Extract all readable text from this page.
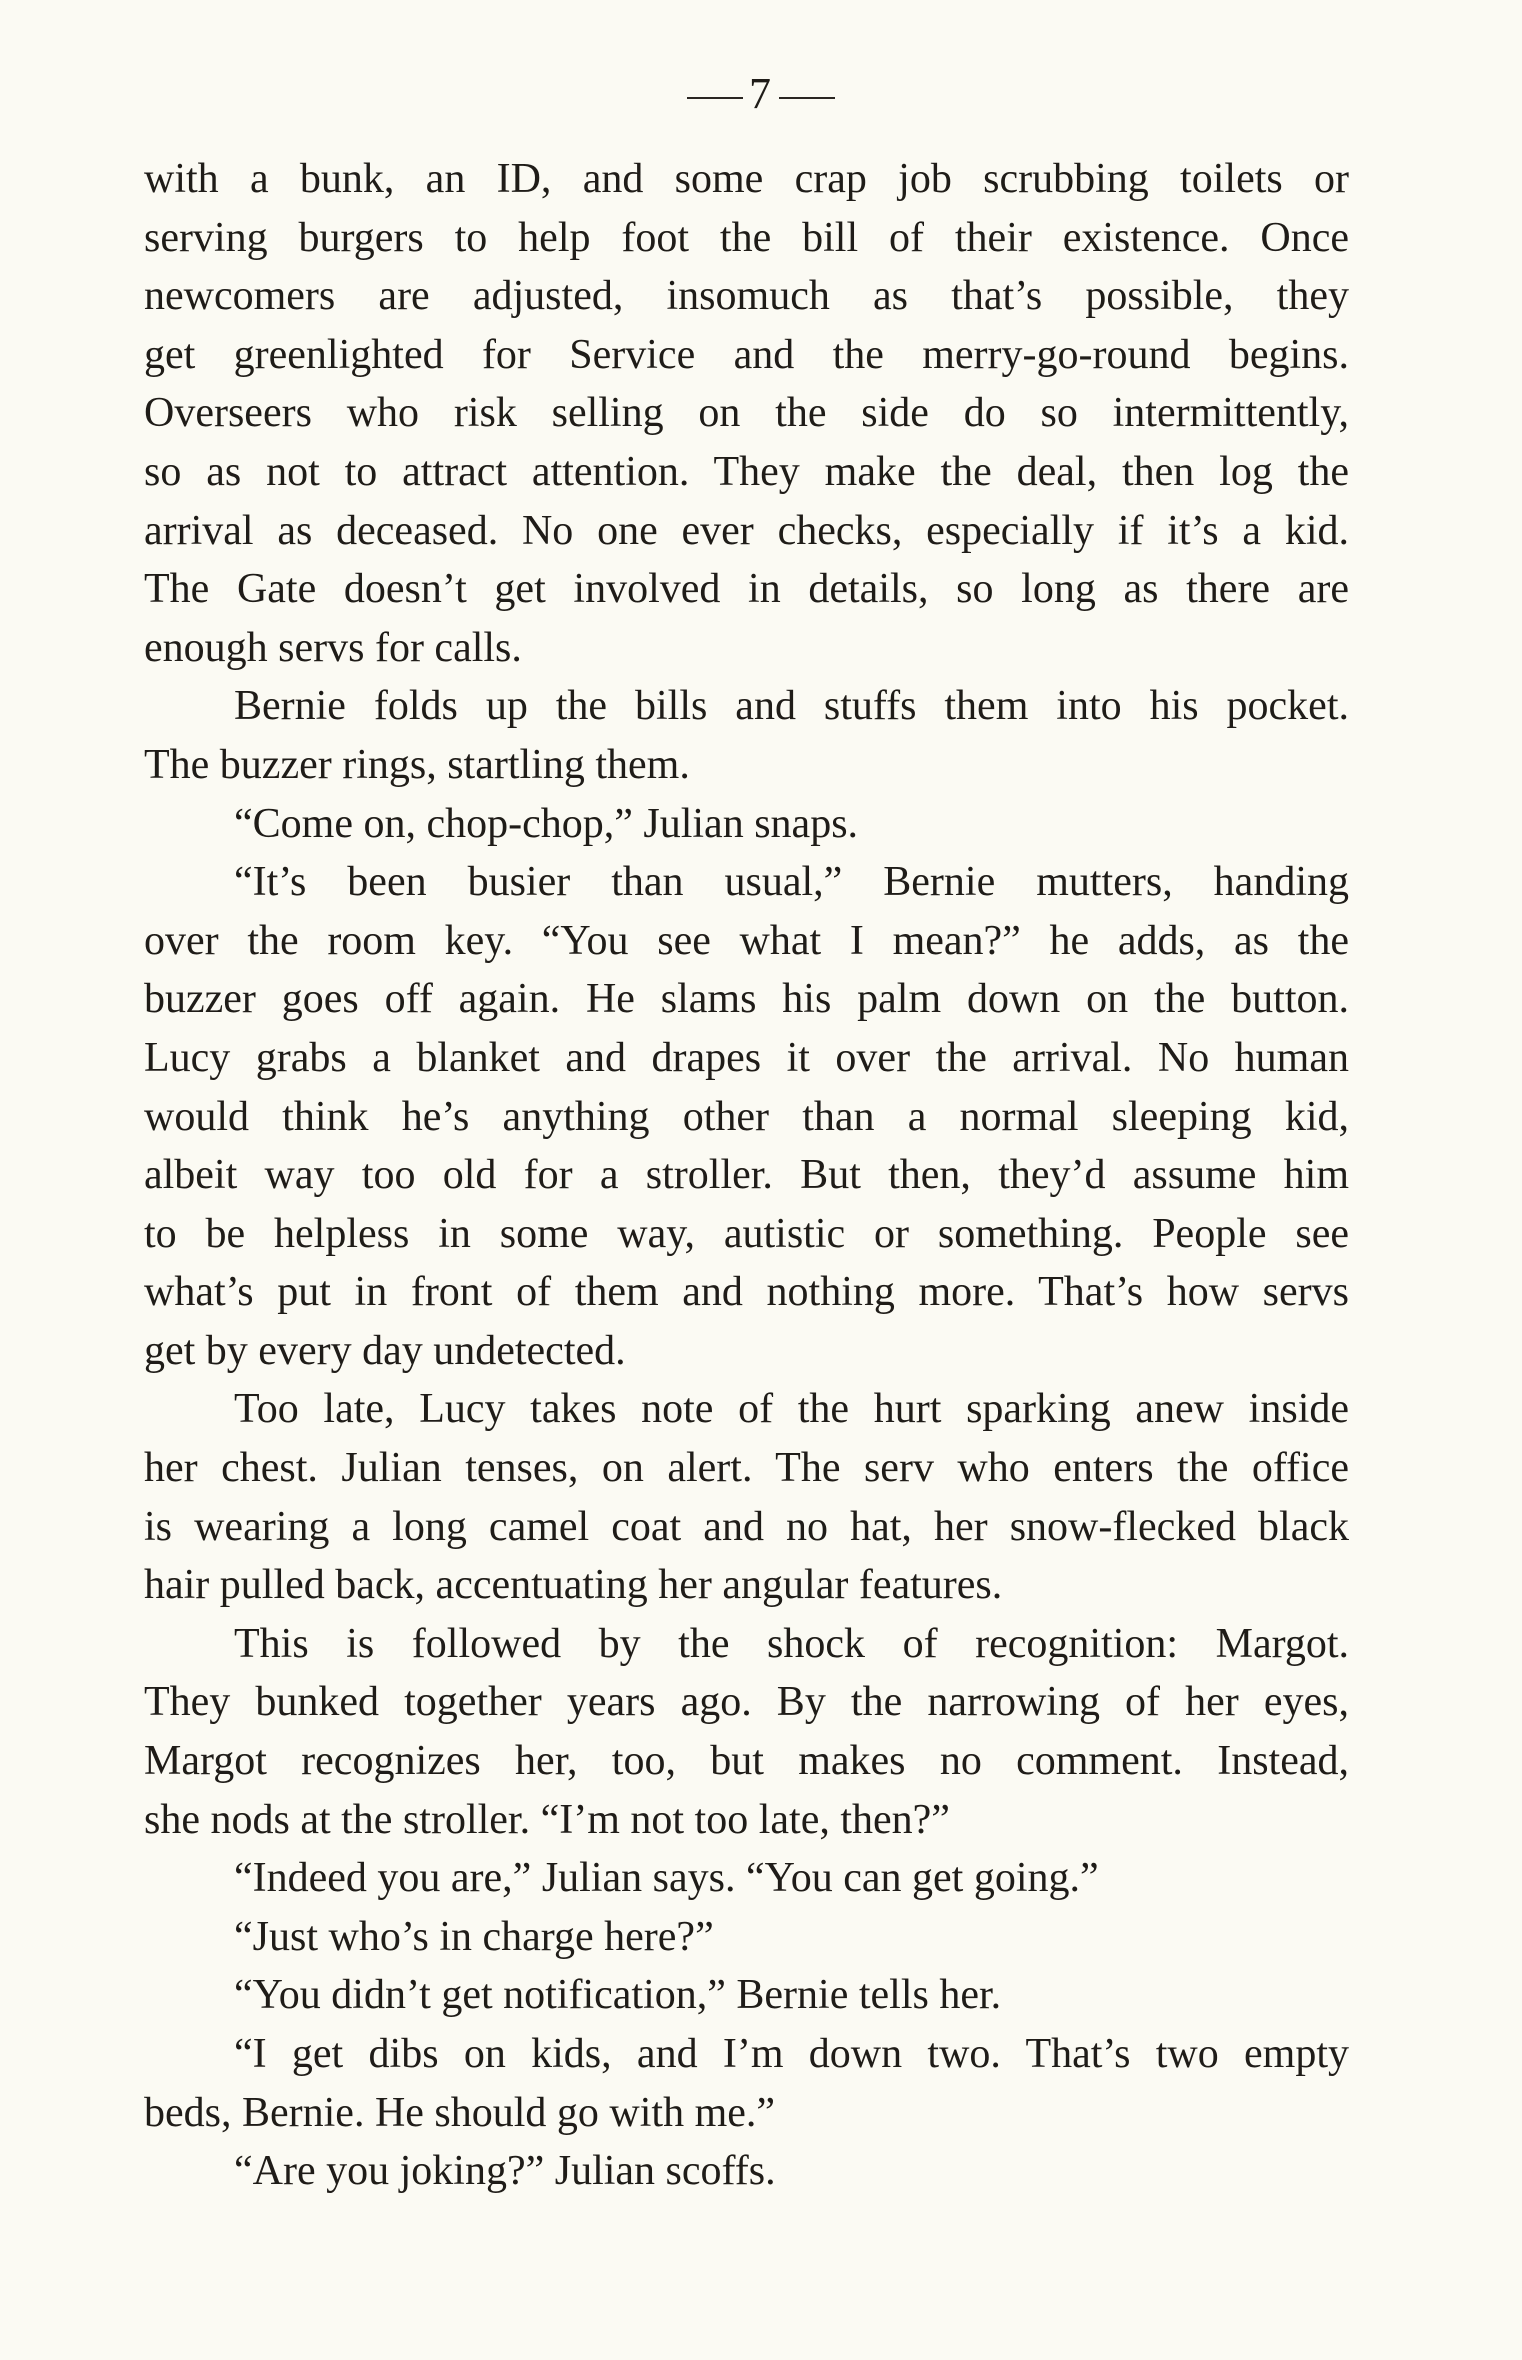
7
with a bunk, an ID, and some crap job scrubbing toilets or
serving burgers to help foot the bill of their existence. Once
newcomers are adjusted, insomuch as that’s possible, they
get greenlighted for Service and the merry-go-round begins.
Overseers who risk selling on the side do so intermittently,
so as not to attract attention. They make the deal, then log the
arrival as deceased. No one ever checks, especially if it’s a kid.
The Gate doesn’t get involved in details, so long as there are
enough servs for calls.
Bernie folds up the bills and stuffs them into his pocket.
The buzzer rings, startling them.
“Come on, chop-chop,” Julian snaps.
“It’s been busier than usual,” Bernie mutters, handing
over the room key. “You see what I mean?” he adds, as the
buzzer goes off again. He slams his palm down on the button.
Lucy grabs a blanket and drapes it over the arrival. No human
would think he’s anything other than a normal sleeping kid,
albeit way too old for a stroller. But then, they’d assume him
to be helpless in some way, autistic or something. People see
what’s put in front of them and nothing more. That’s how servs
get by every day undetected.
Too late, Lucy takes note of the hurt sparking anew inside
her chest. Julian tenses, on alert. The serv who enters the office
is wearing a long camel coat and no hat, her snow-flecked black
hair pulled back, accentuating her angular features.
This is followed by the shock of recognition: Margot.
They bunked together years ago. By the narrowing of her eyes,
Margot recognizes her, too, but makes no comment. Instead,
she nods at the stroller. “I’m not too late, then?”
“Indeed you are,” Julian says. “You can get going.”
“Just who’s in charge here?”
“You didn’t get notification,” Bernie tells her.
“I get dibs on kids, and I’m down two. That’s two empty
beds, Bernie. He should go with me.”
“Are you joking?” Julian scoffs.
